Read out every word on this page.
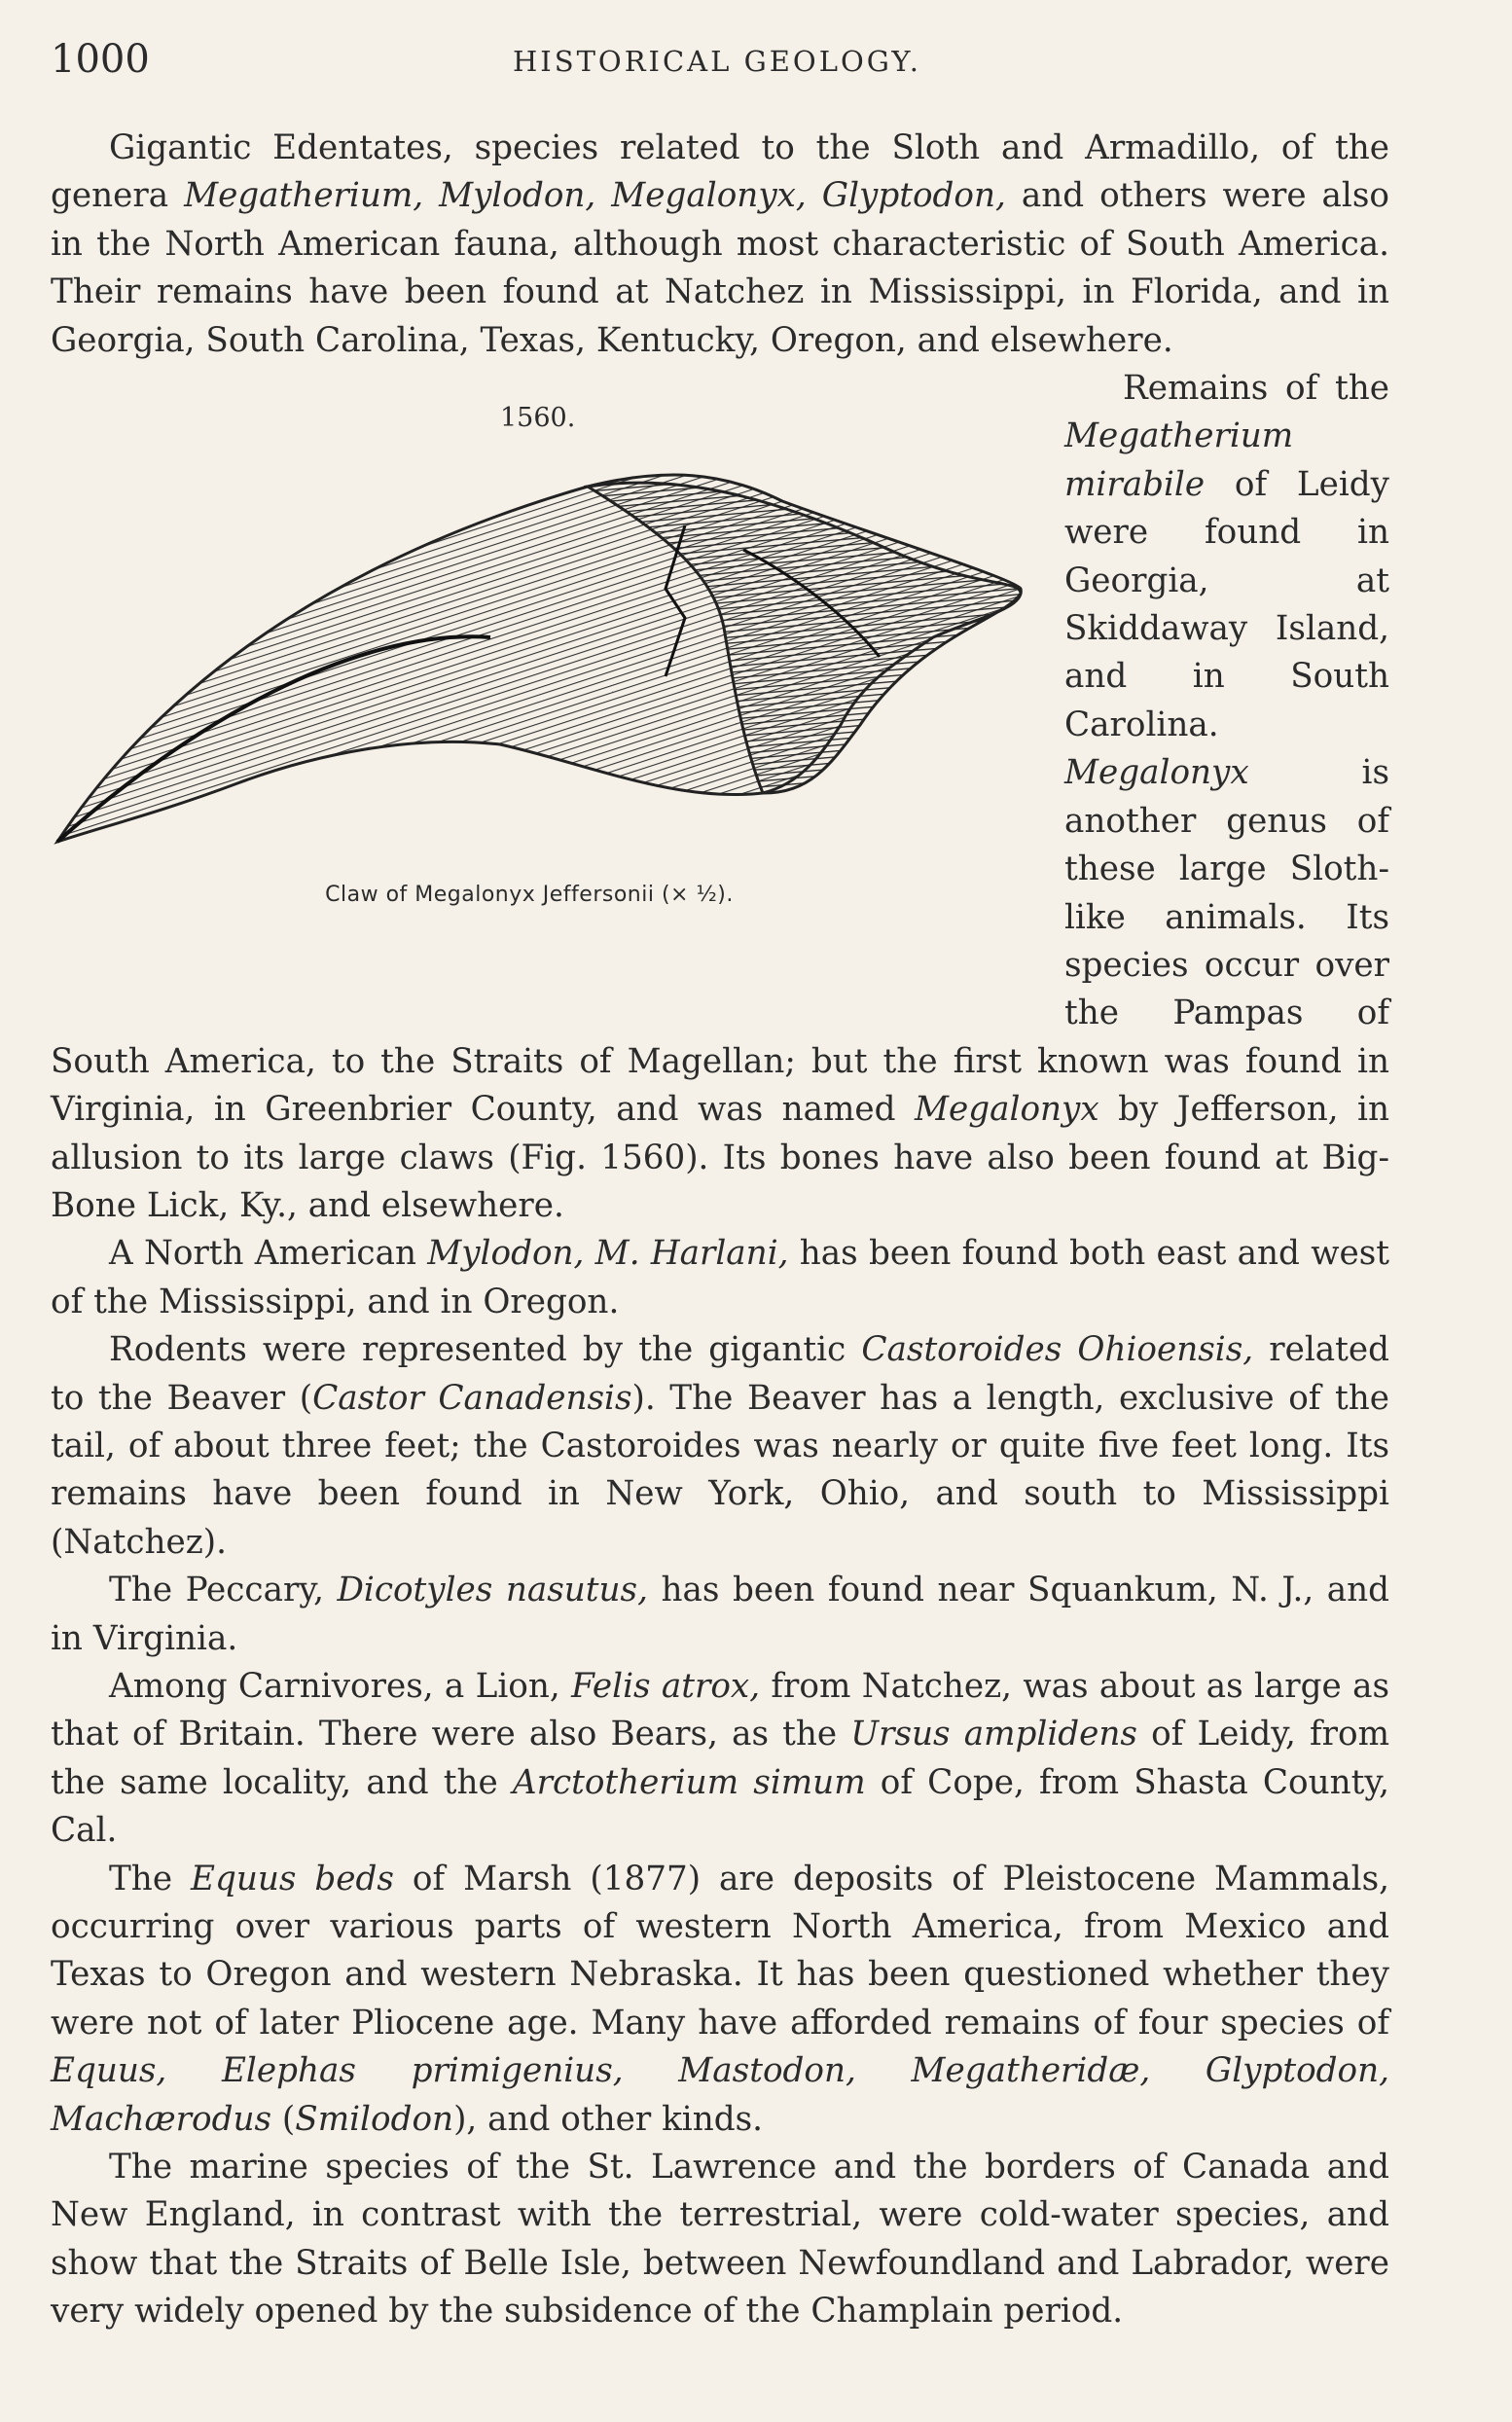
1000	HISTORICAL GEOLOGY.

Gigantic Edentates, species related to the Sloth and Armadillo, of the genera Megatherium, Mylodon, Megalonyx, Glyptodon, and others were also in the North American fauna, although most characteristic of South America. Their remains have been found at Natchez in Mississippi, in Florida, and in Georgia, South Carolina, Texas, Kentucky, Oregon, and elsewhere.

1560.
Claw of Megalonyx Jeffersonii (× ½).

Remains of the Megatherium mirabile of Leidy were found in Georgia, at Skiddaway Island, and in South Carolina. Megalonyx is another genus of these large Sloth-like animals. Its species occur over the Pampas of South America, to the Straits of Magellan; but the first known was found in Virginia, in Greenbrier County, and was named Megalonyx by Jefferson, in allusion to its large claws (Fig. 1560). Its bones have also been found at Big-Bone Lick, Ky., and elsewhere.

A North American Mylodon, M. Harlani, has been found both east and west of the Mississippi, and in Oregon.

Rodents were represented by the gigantic Castoroides Ohioensis, related to the Beaver (Castor Canadensis). The Beaver has a length, exclusive of the tail, of about three feet; the Castoroides was nearly or quite five feet long. Its remains have been found in New York, Ohio, and south to Mississippi (Natchez).

The Peccary, Dicotyles nasutus, has been found near Squankum, N. J., and in Virginia.

Among Carnivores, a Lion, Felis atrox, from Natchez, was about as large as that of Britain. There were also Bears, as the Ursus amplidens of Leidy, from the same locality, and the Arctotherium simum of Cope, from Shasta County, Cal.

The Equus beds of Marsh (1877) are deposits of Pleistocene Mammals, occurring over various parts of western North America, from Mexico and Texas to Oregon and western Nebraska. It has been questioned whether they were not of later Pliocene age. Many have afforded remains of four species of Equus, Elephas primigenius, Mastodon, Megatheridæ, Glyptodon, Machærodus (Smilodon), and other kinds.

The marine species of the St. Lawrence and the borders of Canada and New England, in contrast with the terrestrial, were cold-water species, and show that the Straits of Belle Isle, between Newfoundland and Labrador, were very widely opened by the subsidence of the Champlain period.
